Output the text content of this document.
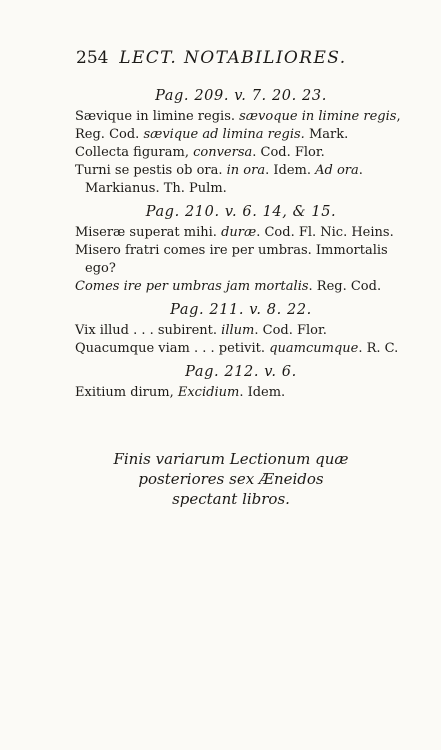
254 LECT. NOTABILIORES.
Pag. 209. v. 7. 20. 23.

Sævique in limine regis. sævoque in limine regis,

Reg. Cod. sævique ad limina regis. Mark.

Collecta figuram, conversa. Cod. Flor.

Turni se pestis ob ora. in ora. Idem. Ad ora. Markianus. Th. Pulm.

Pag. 210. v. 6. 14, & 15.

Miseræ superat mihi. duræ. Cod. Fl. Nic. Heins.

Misero fratri comes ire per umbras. Immortalis ego?

Comes ire per umbras jam mortalis. Reg. Cod.

Pag. 211. v. 8. 22.

Vix illud . . . subirent. illum. Cod. Flor.

Quacumque viam . . . petivit. quamcumque. R. C.

Pag. 212. v. 6.

Exitium dirum, Excidium. Idem.

Finis variarum Lectionum quæ
posteriores sex Æneidos
spectant libros.
